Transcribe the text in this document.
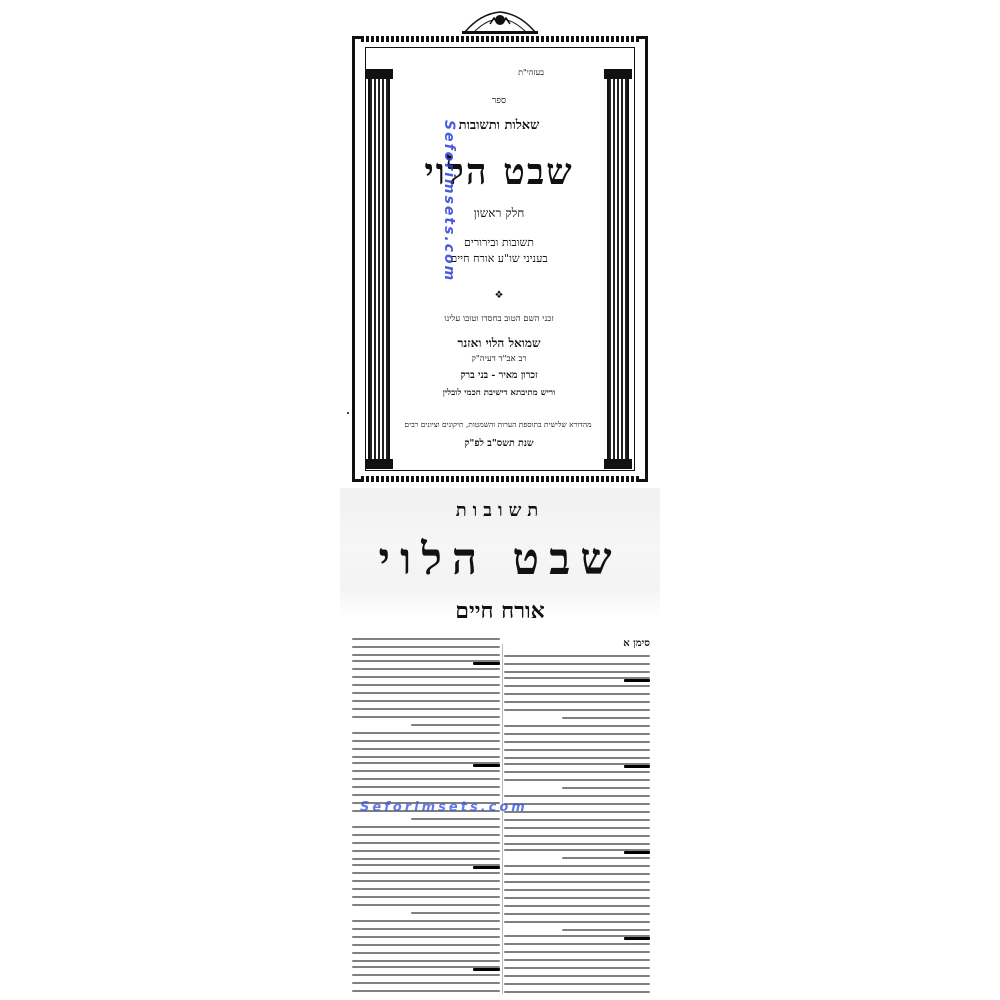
בעזהי"ת
ספר
שאלות ותשובות
שבט הלוי
חלק ראשון
תשובות ובירורים
בעניני שו"ע אורח חיים
❖
זכני השם הטוב בחסדו וטובו עלינו
שמואל הלוי ואזנר
רב אב"ד דעיה"ק
זכרון מאיר - בני ברק
וריש מתיבתא דישיבת חכמי לובלין
מהדורא שלישית בתוספת הערות והשמטות, תיקונים וציונים רבים
שנת תשס"ב לפ"ק
Seforimsets.com
תשובות
שבט הלוי
אורח חיים
סימן א
Seforimsets.com
